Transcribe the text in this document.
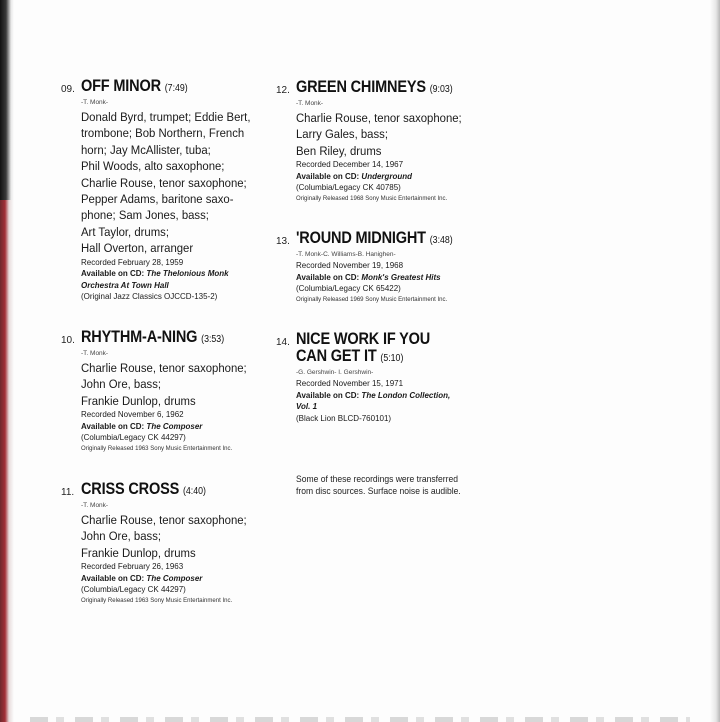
09. OFF MINOR (7:49)
-T. Monk-
Donald Byrd, trumpet; Eddie Bert,
trombone; Bob Northern, French
horn; Jay McAllister, tuba;
Phil Woods, alto saxophone;
Charlie Rouse, tenor saxophone;
Pepper Adams, baritone saxo-
phone; Sam Jones, bass;
Art Taylor, drums;
Hall Overton, arranger
Recorded February 28, 1959
Available on CD: The Thelonious Monk
Orchestra At Town Hall
(Original Jazz Classics OJCCD-135-2)
10. RHYTHM-A-NING (3:53)
-T. Monk-
Charlie Rouse, tenor saxophone;
John Ore, bass;
Frankie Dunlop, drums
Recorded November 6, 1962
Available on CD: The Composer
(Columbia/Legacy CK 44297)
Originally Released 1963 Sony Music Entertainment Inc.
11. CRISS CROSS (4:40)
-T. Monk-
Charlie Rouse, tenor saxophone;
John Ore, bass;
Frankie Dunlop, drums
Recorded February 26, 1963
Available on CD: The Composer
(Columbia/Legacy CK 44297)
Originally Released 1963 Sony Music Entertainment Inc.
12. GREEN CHIMNEYS (9:03)
-T. Monk-
Charlie Rouse, tenor saxophone;
Larry Gales, bass;
Ben Riley, drums
Recorded December 14, 1967
Available on CD: Underground
(Columbia/Legacy CK 40785)
Originally Released 1968 Sony Music Entertainment Inc.
13. 'ROUND MIDNIGHT (3:48)
-T. Monk-C. Williams-B. Hanighen-
Recorded November 19, 1968
Available on CD: Monk's Greatest Hits
(Columbia/Legacy CK 65422)
Originally Released 1969 Sony Music Entertainment Inc.
14. NICE WORK IF YOU
CAN GET IT (5:10)
-G. Gershwin- I. Gershwin-
Recorded November 15, 1971
Available on CD: The London Collection,
Vol. 1
(Black Lion BLCD-760101)
Some of these recordings were transferred
from disc sources. Surface noise is audible.
